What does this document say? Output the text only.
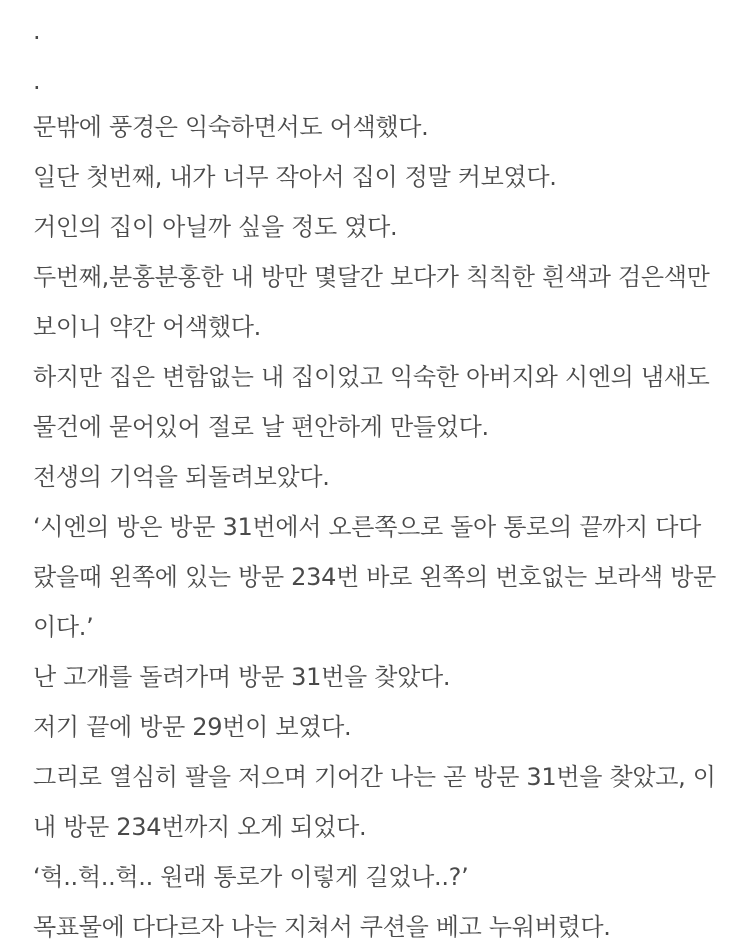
.

.

문밖에 풍경은 익숙하면서도 어색했다.

일단 첫번째, 내가 너무 작아서 집이 정말 커보였다.

거인의 집이 아닐까 싶을 정도 였다.

두번째,분홍분홍한 내 방만 몇달간 보다가 칙칙한 흰색과 검은색만

보이니 약간 어색했다.

하지만 집은 변함없는 내 집이었고 익숙한 아버지와 시엔의 냄새도

물건에 묻어있어 절로 날 편안하게 만들었다.

전생의 기억을 되돌려보았다.

‘시엔의 방은 방문 31번에서 오른쪽으로 돌아 통로의 끝까지 다다

랐을때 왼쪽에 있는 방문 234번 바로 왼쪽의 번호없는 보라색 방문

이다.’

난 고개를 돌려가며 방문 31번을 찾았다.

저기 끝에 방문 29번이 보였다.

그리로 열심히 팔을 저으며 기어간 나는 곧 방문 31번을 찾았고, 이

내 방문 234번까지 오게 되었다.

‘헉..헉..헉.. 원래 통로가 이렇게 길었나..?’

목표물에 다다르자 나는 지쳐서 쿠션을 베고 누워버렸다.
